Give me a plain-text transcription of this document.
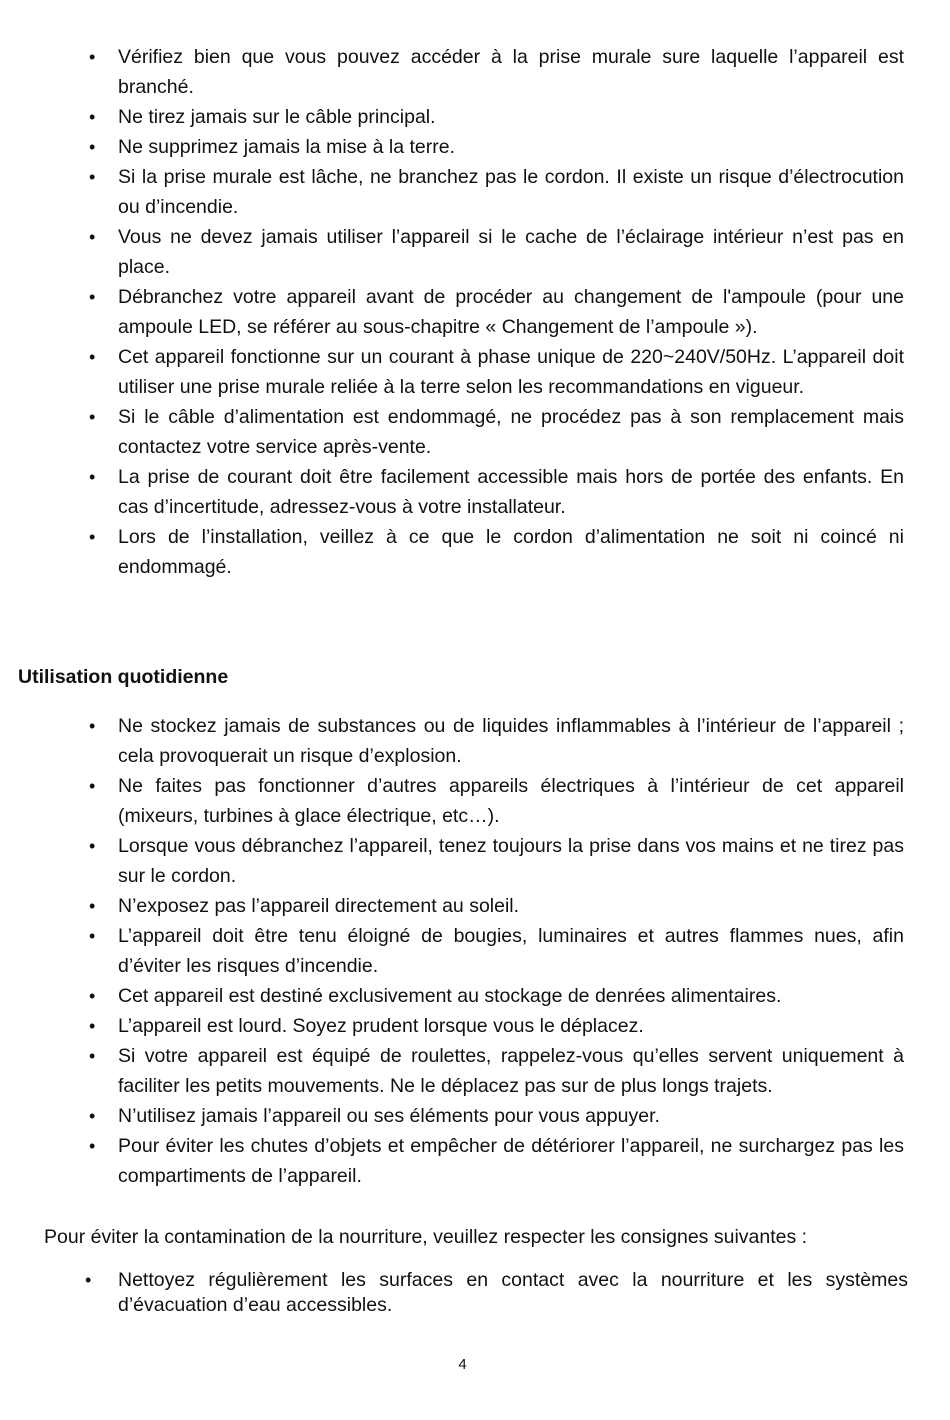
• Vérifiez bien que vous pouvez accéder à la prise murale sure laquelle l’appareil est branché.
• Ne tirez jamais sur le câble principal.
• Ne supprimez jamais la mise à la terre.
• Si la prise murale est lâche, ne branchez pas le cordon. Il existe un risque d’électrocution ou d’incendie.
• Vous ne devez jamais utiliser l’appareil si le cache de l’éclairage intérieur n’est pas en place.
• Débranchez votre appareil avant de procéder au changement de l'ampoule (pour une ampoule LED, se référer au sous-chapitre « Changement de l’ampoule »).
• Cet appareil fonctionne sur un courant à phase unique de 220~240V/50Hz. L’appareil doit utiliser une prise murale reliée à la terre selon les recommandations en vigueur.
• Si le câble d’alimentation est endommagé, ne procédez pas à son remplacement mais contactez votre service après-vente.
• La prise de courant doit être facilement accessible mais hors de portée des enfants. En cas d’incertitude, adressez-vous à votre installateur.
• Lors de l’installation, veillez à ce que le cordon d’alimentation ne soit ni coincé ni endommagé.
Utilisation quotidienne
• Ne stockez jamais de substances ou de liquides inflammables à l’intérieur de l’appareil ; cela provoquerait un risque d’explosion.
• Ne faites pas fonctionner d’autres appareils électriques à l’intérieur de cet appareil (mixeurs, turbines à glace électrique, etc…).
• Lorsque vous débranchez l’appareil, tenez toujours la prise dans vos mains et ne tirez pas sur le cordon.
• N’exposez pas l’appareil directement au soleil.
• L’appareil doit être tenu éloigné de bougies, luminaires et autres flammes nues, afin d’éviter les risques d’incendie.
• Cet appareil est destiné exclusivement au stockage de denrées alimentaires.
• L’appareil est lourd. Soyez prudent lorsque vous le déplacez.
• Si votre appareil est équipé de roulettes, rappelez-vous qu’elles servent uniquement à faciliter les petits mouvements. Ne le déplacez pas sur de plus longs trajets.
• N’utilisez jamais l’appareil ou ses éléments pour vous appuyer.
• Pour éviter les chutes d’objets et empêcher de détériorer l’appareil, ne surchargez pas les compartiments de l’appareil.
Pour éviter la contamination de la nourriture, veuillez respecter les consignes suivantes :
• Nettoyez régulièrement les surfaces en contact avec la nourriture et les systèmes d’évacuation d’eau accessibles.
4
